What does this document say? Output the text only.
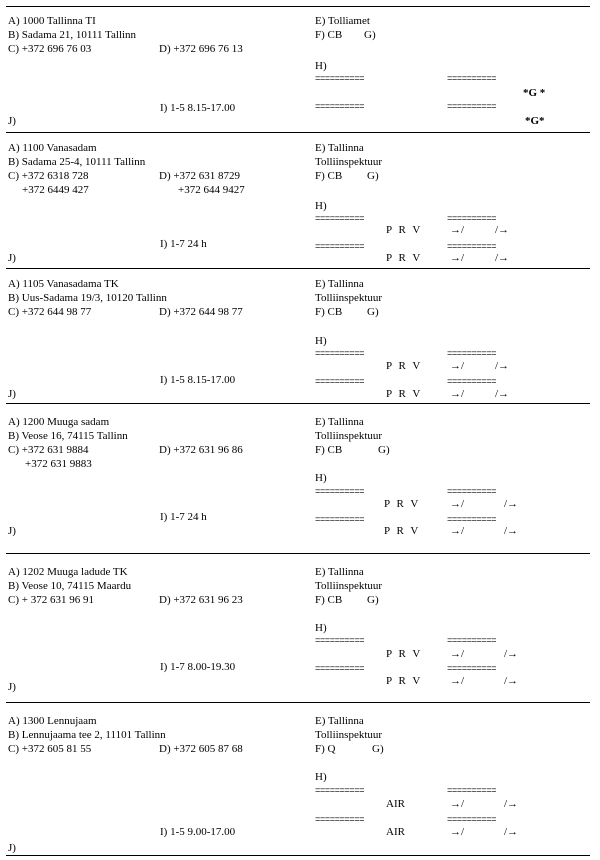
A) 1000 Tallinna TI
B) Sadama 21, 10111 Tallinn
C) +372 696 76 03	D) +372 696 76 13
E) Tolliamet
F) CB G)
H)
==========	==========
*G *
I) 1-5 8.15-17.00	==========	==========
J)	*G*
A) 1100 Vanasadam
B) Sadama 25-4, 10111 Tallinn
C) +372 6318 728
+372 6449 427
D) +372 631 8729
+372 644 9427
E) Tallinna
Tolliinspektuur
F) CB G)
H)
==========	==========
P R V	→/	/→
I) 1-7 24 h	==========	==========
J)	P R V	→/	/→
A) 1105 Vanasadama TK
B) Uus-Sadama 19/3, 10120 Tallinn
C) +372 644 98 77	D) +372 644 98 77
E) Tallinna
Tolliinspektuur
F) CB G)
H)
==========	==========
P R V	→/	/→
I) 1-5 8.15-17.00	==========	==========
J)	P R V	→/	/→
A) 1200 Muuga sadam
B) Veose 16, 74115 Tallinn
C) +372 631 9884
+372 631 9883
D) +372 631 96 86
E) Tallinna
Tolliinspektuur
F) CB	G)
H)
==========	==========
P R V	→/	/→
I) 1-7 24 h	==========	==========
P R V	→/	/→
J)
A) 1202 Muuga ladude TK
B) Veose 10, 74115 Maardu
C) + 372 631 96 91	D) +372 631 96 23
E) Tallinna
Tolliinspektuur
F) CB G)
H)
==========	==========
P R V	→/	/→
I) 1-7 8.00-19.30	==========	==========
P R V	→/	/→
J)
A) 1300 Lennujaam
B) Lennujaama tee 2, 11101 Tallinn
C) +372 605 81 55	D) +372 605 87 68
E) Tallinna
Tolliinspektuur
F) Q	G)
H)
==========	==========
AIR	→/	/→
==========	==========
I) 1-5 9.00-17.00	AIR	→/	/→
J)
